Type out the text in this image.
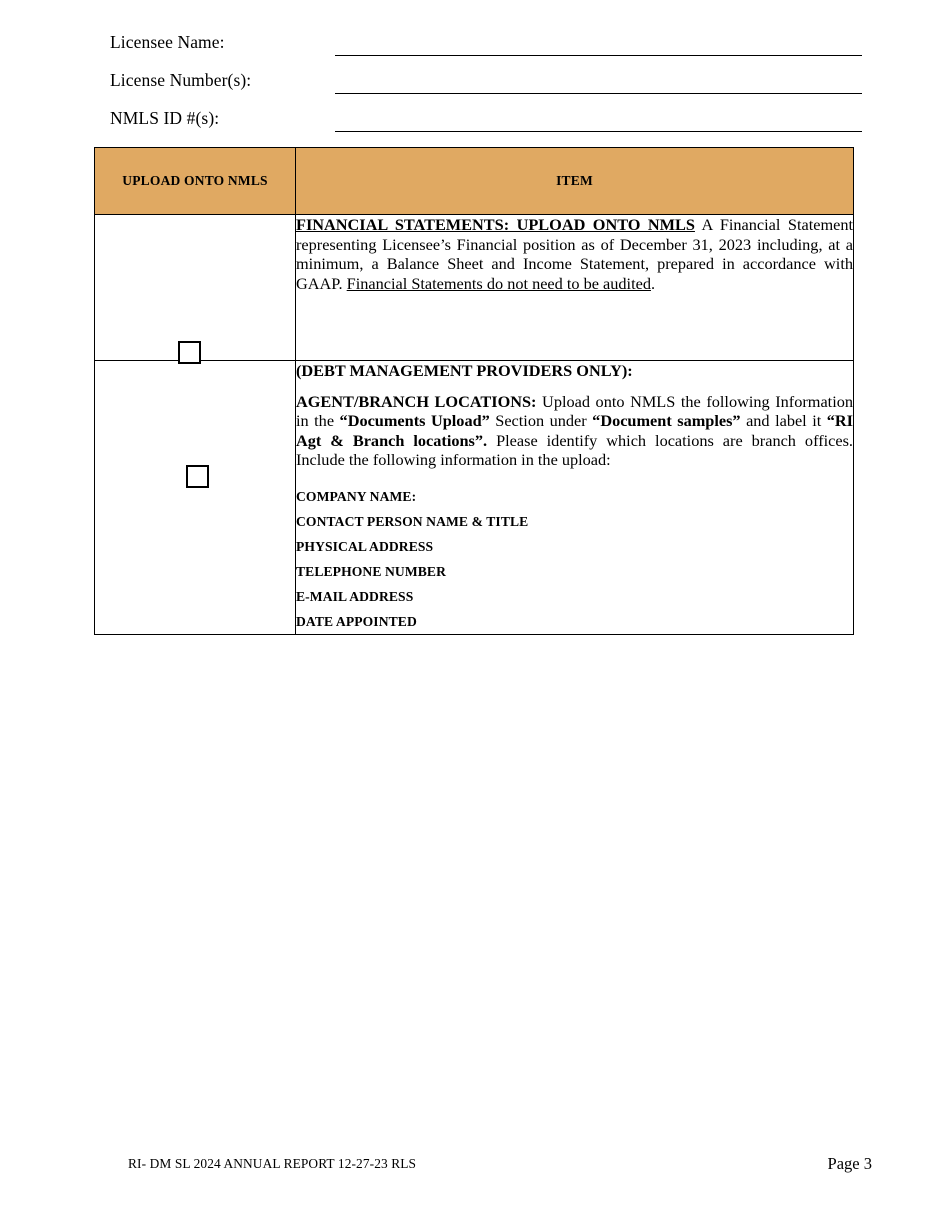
Licensee Name:
License Number(s):
NMLS ID #(s):
UPLOAD ONTO NMLS	ITEM

	FINANCIAL STATEMENTS: UPLOAD ONTO NMLS A Financial Statement representing Licensee’s Financial position as of December 31, 2023 including, at a minimum, a Balance Sheet and Income Statement, prepared in accordance with GAAP. Financial Statements do not need to be audited.

(DEBT MANAGEMENT PROVIDERS ONLY):

AGENT/BRANCH LOCATIONS: Upload onto NMLS the following Information in the “Documents Upload” Section under “Document samples” and label it “RI Agt & Branch locations”. Please identify which locations are branch offices. Include the following information in the upload:

COMPANY NAME:
CONTACT PERSON NAME & TITLE
PHYSICAL ADDRESS
TELEPHONE NUMBER
E-MAIL ADDRESS
DATE APPOINTED
RI- DM SL 2024 ANNUAL REPORT 12-27-23 RLS	Page 3
